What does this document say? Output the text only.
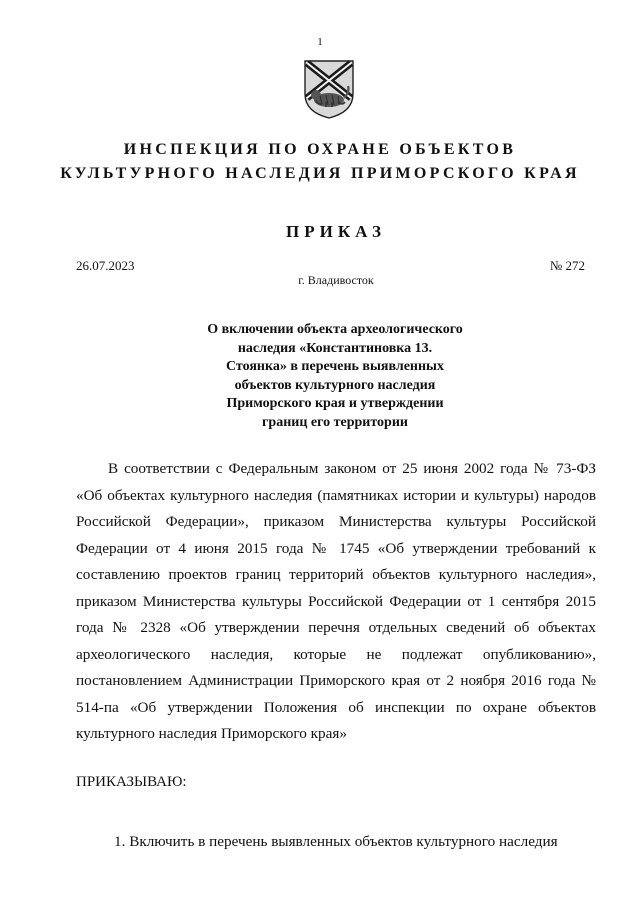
1
ИНСПЕКЦИЯ ПО ОХРАНЕ ОБЪЕКТОВ
КУЛЬТУРНОГО НАСЛЕДИЯ ПРИМОРСКОГО КРАЯ
ПРИКАЗ
26.07.2023	№ 272
г. Владивосток
О включении объекта археологического
наследия «Константиновка 13.
Стоянка» в перечень выявленных
объектов культурного наследия
Приморского края и утверждении
границ его территории

В соответствии с Федеральным законом от 25 июня 2002 года № 73-ФЗ «Об объектах культурного наследия (памятниках истории и культуры) народов Российской Федерации», приказом Министерства культуры Российской Федерации от 4 июня 2015 года № 1745 «Об утверждении требований к составлению проектов границ территорий объектов культурного наследия», приказом Министерства культуры Российской Федерации от 1 сентября 2015 года № 2328 «Об утверждении перечня отдельных сведений об объектах археологического наследия, которые не подлежат опубликованию», постановлением Администрации Приморского края от 2 ноября 2016 года № 514-па «Об утверждении Положения об инспекции по охране объектов культурного наследия Приморского края»

ПРИКАЗЫВАЮ:

1. Включить в перечень выявленных объектов культурного наследия
